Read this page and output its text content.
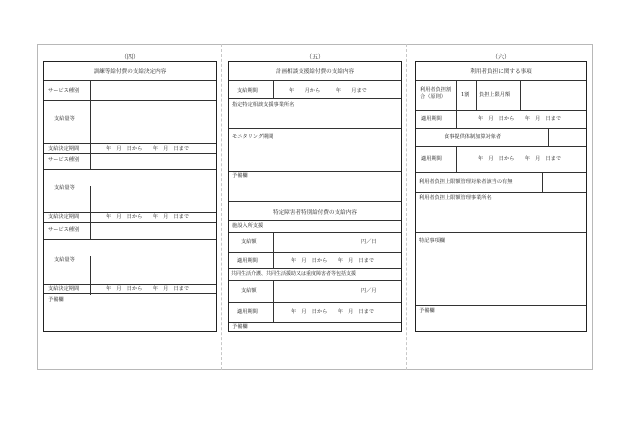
（四）	（五）	（六）
訓練等給付費の支給決定内容
サービス種別
支給量等
支給決定期間	年　月　日から　　年　月　日まで
サービス種別
支給量等
支給決定期間	年　月　日から　　年　月　日まで
サービス種別
支給量等
支給決定期間	年　月　日から　　年　月　日まで
予備欄
計画相談支援給付費の支給内容
支給期間	年　　月から　　　年　　月まで
指定特定相談支援事業所名
モニタリング期間
予備欄
特定障害者特別給付費の支給内容
施設入所支援
支給額	円／日
適用期間	年　月　日から　　年　月　日まで
共同生活介護、共同生活援助又は重度障害者等包括支援
支給額	円／月
適用期間	年　月　日から　　年　月　日まで
予備欄
利用者負担に関する事項
利用者負担割合（原則）	1割 負担上限月額
適用期間	年　月　日から　　年　月　日まで
食事提供体制加算対象者
適用期間	年　月　日から　　年　月　日まで
利用者負担上限額管理対象者該当の有無
利用者負担上限額管理事業所名
特記事項欄
予備欄
